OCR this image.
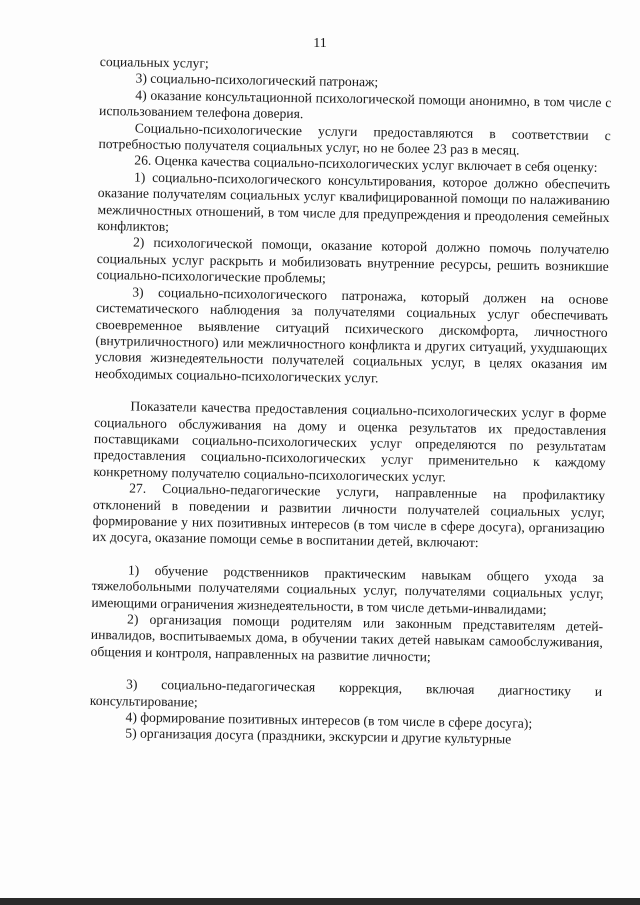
11

социальных услуг;

3) социально-психологический патронаж;

4) оказание консультационной психологической помощи анонимно, в том числе с использованием телефона доверия.

Социально-психологические услуги предоставляются в соответствии с потребностью получателя социальных услуг, но не более 23 раз в месяц.

26. Оценка качества социально-психологических услуг включает в себя оценку:

1) социально-психологического консультирования, которое должно обеспечить оказание получателям социальных услуг квалифицированной помощи по налаживанию межличностных отношений, в том числе для предупреждения и преодоления семейных конфликтов;

2) психологической помощи, оказание которой должно помочь получателю социальных услуг раскрыть и мобилизовать внутренние ресурсы, решить возникшие социально-психологические проблемы;

3) социально-психологического патронажа, который должен на основе систематического наблюдения за получателями социальных услуг обеспечивать своевременное выявление ситуаций психического дискомфорта, личностного (внутриличностного) или межличностного конфликта и других ситуаций, ухудшающих условия жизнедеятельности получателей социальных услуг, в целях оказания им необходимых социально-психологических услуг.

Показатели качества предоставления социально-психологических услуг в форме социального обслуживания на дому и оценка результатов их предоставления поставщиками социально-психологических услуг определяются по результатам предоставления социально-психологических услуг применительно к каждому конкретному получателю социально-психологических услуг.

27. Социально-педагогические услуги, направленные на профилактику отклонений в поведении и развитии личности получателей социальных услуг, формирование у них позитивных интересов (в том числе в сфере досуга), организацию их досуга, оказание помощи семье в воспитании детей, включают:

1) обучение родственников практическим навыкам общего ухода за тяжелобольными получателями социальных услуг, получателями социальных услуг, имеющими ограничения жизнедеятельности, в том числе детьми-инвалидами;

2) организация помощи родителям или законным представителям детей-инвалидов, воспитываемых дома, в обучении таких детей навыкам самообслуживания, общения и контроля, направленных на развитие личности;

3) социально-педагогическая коррекция, включая диагностику и консультирование;

4) формирование позитивных интересов (в том числе в сфере досуга);

5) организация досуга (праздники, экскурсии и другие культурные
